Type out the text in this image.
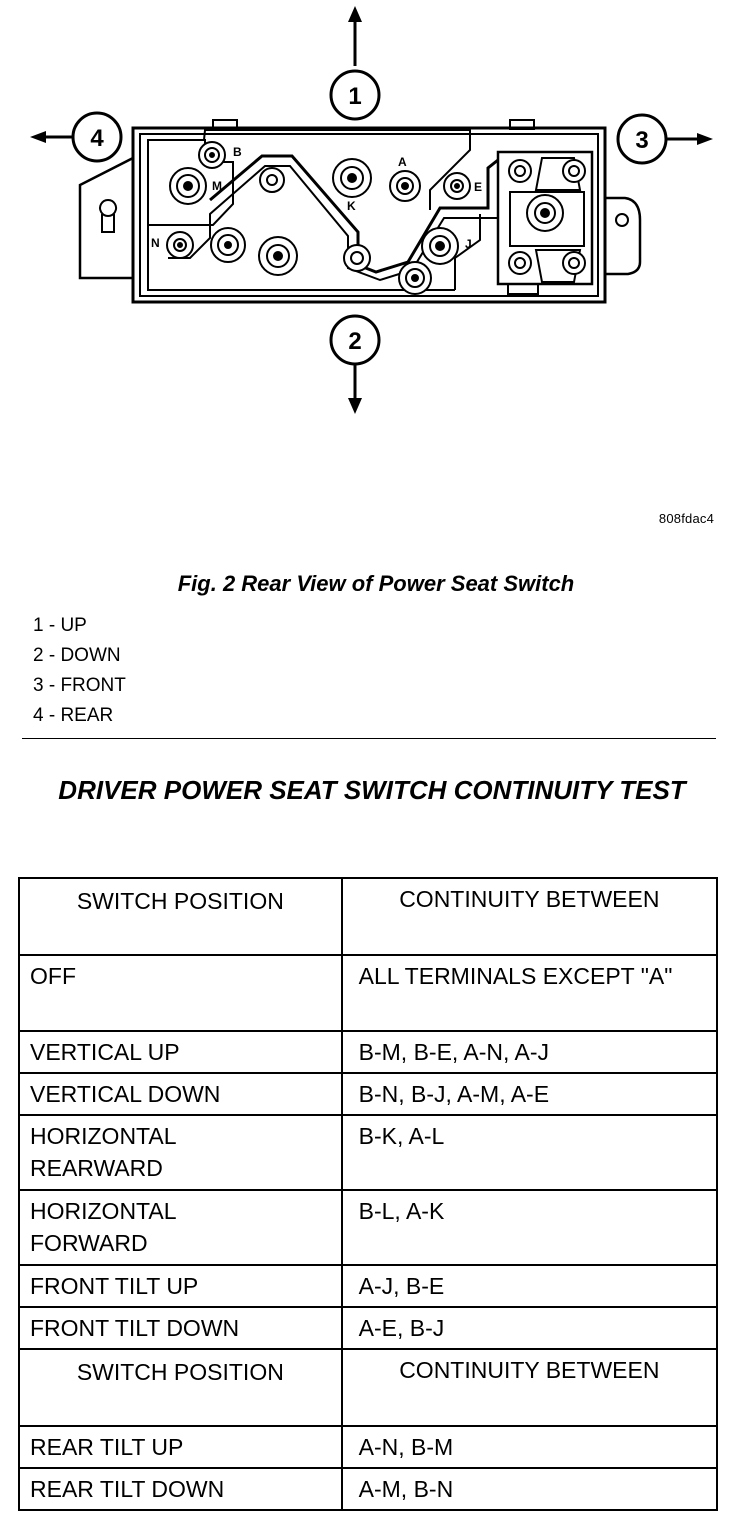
1
2
3
4	B
M
N
K
A
E
J
808fdac4
Fig. 2 Rear View of Power Seat Switch
1 - UP
2 - DOWN
3 - FRONT
4 - REAR
DRIVER POWER SEAT SWITCH CONTINUITY TEST
SWITCH POSITION	CONTINUITY BETWEEN
OFF	ALL TERMINALS EXCEPT "A"
VERTICAL UP	B-M, B-E, A-N, A-J
VERTICAL DOWN	B-N, B-J, A-M, A-E
HORIZONTAL REARWARD	B-K, A-L
HORIZONTAL FORWARD	B-L, A-K
FRONT TILT UP	A-J, B-E
FRONT TILT DOWN	A-E, B-J
SWITCH POSITION	CONTINUITY BETWEEN
REAR TILT UP	A-N, B-M
REAR TILT DOWN	A-M, B-N
